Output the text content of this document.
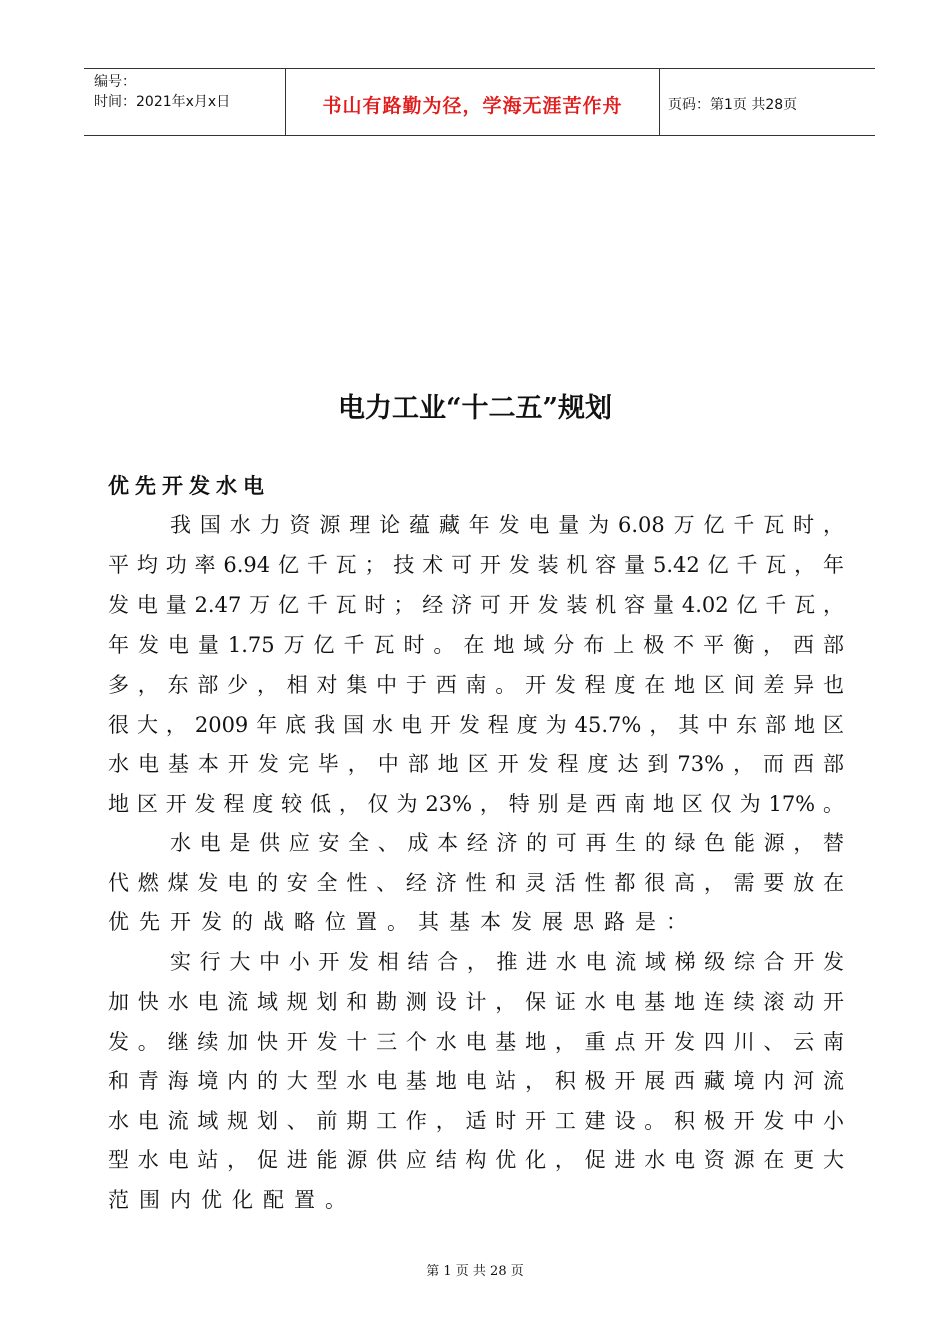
编号：
时间：2021年x月x日	书山有路勤为径，学海无涯苦作舟	页码：第1页 共28页
电力工业“十二五”规划
优先开发水电
我国水力资源理论蕴藏年发电量为6.08万亿千瓦时，
平均功率6.94亿千瓦；技术可开发装机容量5.42亿千瓦，年
发电量2.47万亿千瓦时；经济可开发装机容量4.02亿千瓦，
年发电量1.75万亿千瓦时。在地域分布上极不平衡，西部
多，东部少，相对集中于西南。开发程度在地区间差异也
很大，2009年底我国水电开发程度为45.7%，其中东部地区
水电基本开发完毕，中部地区开发程度达到73%，而西部
地区开发程度较低，仅为23%，特别是西南地区仅为17%。
水电是供应安全、成本经济的可再生的绿色能源，替
代燃煤发电的安全性、经济性和灵活性都很高，需要放在
优先开发的战略位置。其基本发展思路是：
实行大中小开发相结合，推进水电流域梯级综合开发
加快水电流域规划和勘测设计，保证水电基地连续滚动开
发。继续加快开发十三个水电基地，重点开发四川、云南
和青海境内的大型水电基地电站，积极开展西藏境内河流
水电流域规划、前期工作，适时开工建设。积极开发中小
型水电站，促进能源供应结构优化，促进水电资源在更大
范围内优化配置。
第 1 页 共 28 页
